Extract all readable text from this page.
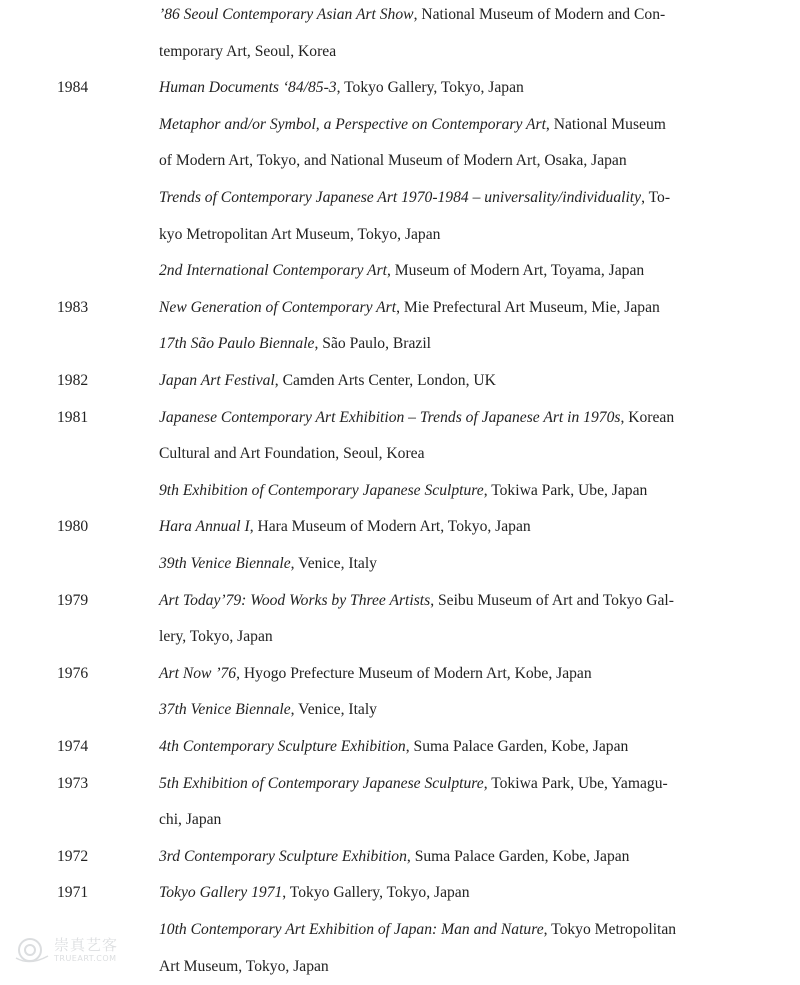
’86 Seoul Contemporary Asian Art Show, National Museum of Modern and Con-
temporary Art, Seoul, Korea
1984	Human Documents ‘84/85-3, Tokyo Gallery, Tokyo, Japan
Metaphor and/or Symbol, a Perspective on Contemporary Art, National Museum
of Modern Art, Tokyo, and National Museum of Modern Art, Osaka, Japan
Trends of Contemporary Japanese Art 1970-1984 – universality/individuality, To-
kyo Metropolitan Art Museum, Tokyo, Japan
2nd International Contemporary Art, Museum of Modern Art, Toyama, Japan
1983	New Generation of Contemporary Art, Mie Prefectural Art Museum, Mie, Japan
17th São Paulo Biennale, São Paulo, Brazil
1982	Japan Art Festival, Camden Arts Center, London, UK
1981	Japanese Contemporary Art Exhibition – Trends of Japanese Art in 1970s, Korean
Cultural and Art Foundation, Seoul, Korea
9th Exhibition of Contemporary Japanese Sculpture, Tokiwa Park, Ube, Japan
1980	Hara Annual I, Hara Museum of Modern Art, Tokyo, Japan
39th Venice Biennale, Venice, Italy
1979	Art Today’79: Wood Works by Three Artists, Seibu Museum of Art and Tokyo Gal-
lery, Tokyo, Japan
1976	Art Now ’76, Hyogo Prefecture Museum of Modern Art, Kobe, Japan
37th Venice Biennale, Venice, Italy
1974	4th Contemporary Sculpture Exhibition, Suma Palace Garden, Kobe, Japan
1973	5th Exhibition of Contemporary Japanese Sculpture, Tokiwa Park, Ube, Yamagu-
chi, Japan
1972	3rd Contemporary Sculpture Exhibition, Suma Palace Garden, Kobe, Japan
1971	Tokyo Gallery 1971, Tokyo Gallery, Tokyo, Japan
10th Contemporary Art Exhibition of Japan: Man and Nature, Tokyo Metropolitan
Art Museum, Tokyo, Japan
崇真艺客
TRUEART.COM
